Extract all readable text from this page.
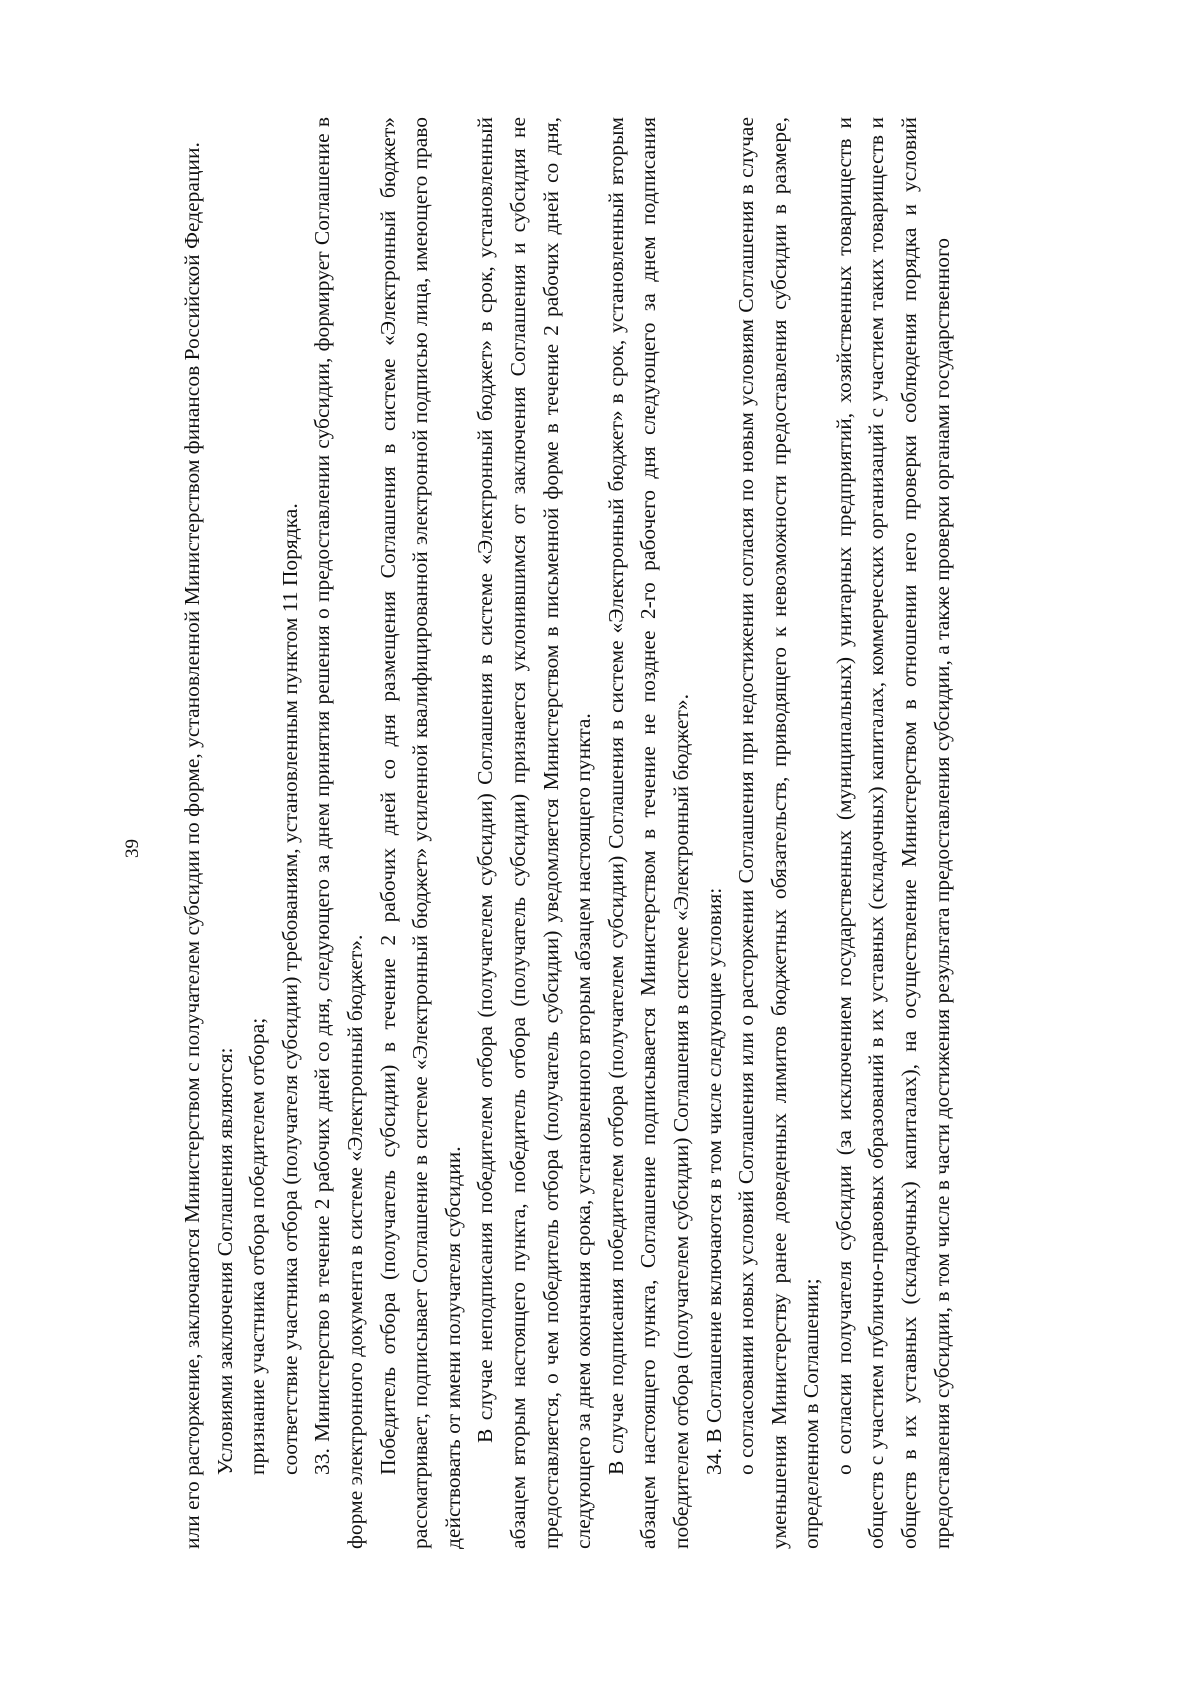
39 или его расторжение, заключаются Министерством с получателем субсидии по форме, установленной Министерством финансов Российской Федерации. Условиями заключения Соглашения являются: признание участника отбора победителем отбора; соответствие участника отбора (получателя субсидии) требованиям, установленным пунктом 11 Порядка. 33. Министерство в течение 2 рабочих дней со дня, следующего за днем принятия решения о предоставлении субсидии, формирует Соглашение в форме электронного документа в системе «Электронный бюджет». Победитель отбора (получатель субсидии) в течение 2 рабочих дней со дня размещения Соглашения в системе «Электронный бюджет» рассматривает, подписывает Соглашение в системе «Электронный бюджет» усиленной квалифицированной электронной подписью лица, имеющего право действовать от имени получателя субсидии. В случае неподписания победителем отбора (получателем субсидии) Соглашения в системе «Электронный бюджет» в срок, установленный абзацем вторым настоящего пункта, победитель отбора (получатель субсидии) признается уклонившимся от заключения Соглашения и субсидия не предоставляется, о чем победитель отбора (получатель субсидии) уведомляется Министерством в письменной форме в течение 2 рабочих дней со дня, следующего за днем окончания срока, установленного вторым абзацем настоящего пункта. В случае подписания победителем отбора (получателем субсидии) Соглашения в системе «Электронный бюджет» в срок, установленный вторым абзацем настоящего пункта, Соглашение подписывается Министерством в течение не позднее 2-го рабочего дня следующего за днем подписания победителем отбора (получателем субсидии) Соглашения в системе «Электронный бюджет». 34. В Соглашение включаются в том числе следующие условия: о согласовании новых условий Соглашения или о расторжении Соглашения при недостижении согласия по новым условиям Соглашения в случае уменьшения Министерству ранее доведенных лимитов бюджетных обязательств, приводящего к невозможности предоставления субсидии в размере, определенном в Соглашении; о согласии получателя субсидии (за исключением государственных (муниципальных) унитарных предприятий, хозяйственных товариществ и обществ с участием публично-правовых образований в их уставных (складочных) капиталах, коммерческих организаций с участием таких товариществ и обществ в их уставных (складочных) капиталах), на осуществление Министерством в отношении него проверки соблюдения порядка и условий предоставления субсидии, в том числе в части достижения результата предоставления субсидии, а также проверки органами государственного
